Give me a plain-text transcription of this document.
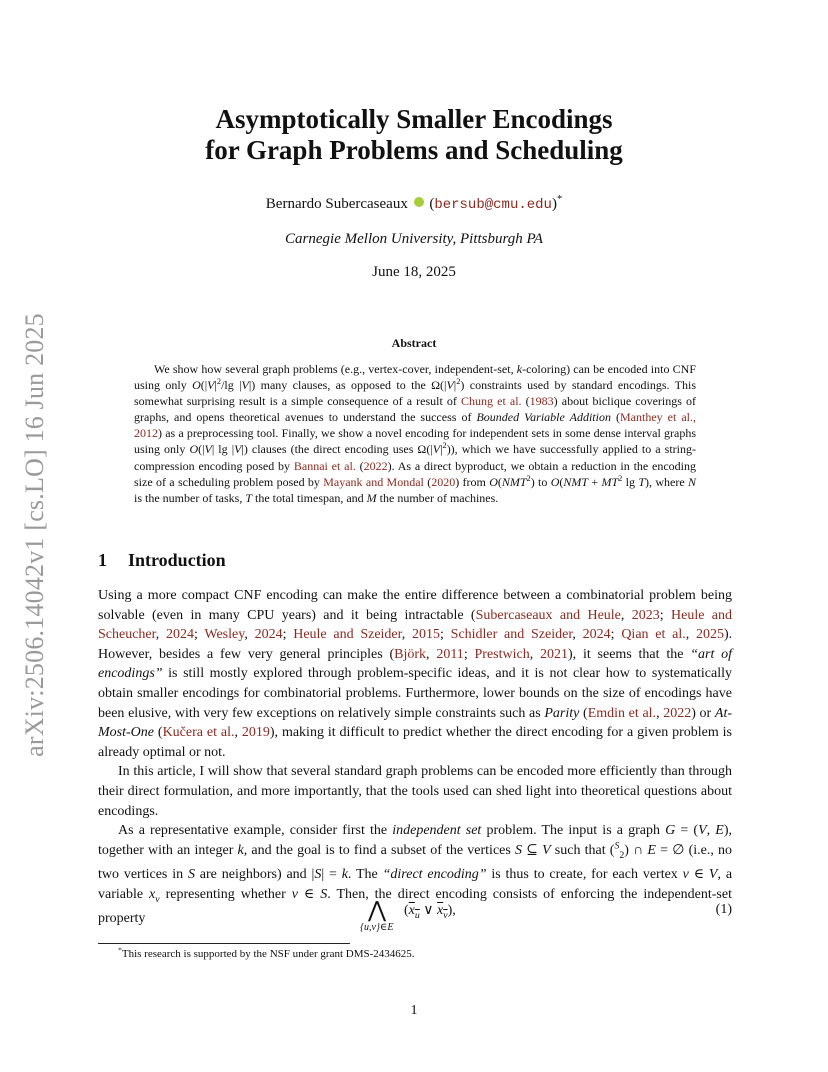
arXiv:2506.14042v1 [cs.LO] 16 Jun 2025
Asymptotically Smaller Encodings
for Graph Problems and Scheduling
Bernardo Subercaseaux  (bersub@cmu.edu)*
Carnegie Mellon University, Pittsburgh PA
June 18, 2025
Abstract

We show how several graph problems (e.g., vertex-cover, independent-set, k-coloring) can be encoded into CNF using only $O(|V|^2/\lg$ |V|) many clauses, as opposed to the $\Omega(|V|^2)$ constraints used by standard encodings. This somewhat surprising result is a simple consequence of a result of Chung et al. (1983) about biclique coverings of graphs, and opens theoretical avenues to understand the success of Bounded Variable Addition (Manthey et al., 2012) as a preprocessing tool. Finally, we show a novel encoding for independent sets in some dense interval graphs using only O(|V| lg |V|) clauses (the direct encoding uses $\Omega(|V|^2)$), which we have successfully applied to a string-compression encoding posed by Bannai et al. (2022). As a direct byproduct, we obtain a reduction in the encoding size of a scheduling problem posed by Mayank and Mondal (2020) from O(NMT$^2$) to $O(NMT + MT^2$ lg T), where N is the number of tasks, T the total timespan, and M the number of machines.

1 Introduction

Using a more compact CNF encoding can make the entire difference between a combinatorial problem being solvable (even in many CPU years) and it being intractable (Subercaseaux and Heule, 2023; Heule and Scheucher, 2024; Wesley, 2024; Heule and Szeider, 2015; Schidler and Szeider, 2024; Qian et al., 2025). However, besides a few very general principles (Björk, 2011; Prestwich, 2021), it seems that the “art of encodings” is still mostly explored through problem-specific ideas, and it is not clear how to systematically obtain smaller encodings for combinatorial problems. Furthermore, lower bounds on the size of encodings have been elusive, with very few exceptions on relatively simple constraints such as Parity (Emdin et al., 2022) or At-Most-One (Kučera et al., 2019), making it difficult to predict whether the direct encoding for a given problem is already optimal or not.

In this article, I will show that several standard graph problems can be encoded more efficiently than through their direct formulation, and more importantly, that the tools used can shed light into theoretical questions about encodings.

As a representative example, consider first the independent set problem. The input is a graph G = (V, E), together with an integer k, and the goal is to find a subset of the vertices S ⊆ V such that ($^S_2$) ∩ E = ∅ (i.e., no two vertices in S are neighbors) and |S| = k. The “direct encoding” is thus to create, for each vertex v ∈ V, a variable $x_v$ representing whether v ∈ S. Then, the direct encoding consists of enforcing the independent-set property	⋀
{u,v}∈E
($x_u$ ∨ $x_v$),	(1)
*This research is supported by the NSF under grant DMS-2434625.
1
